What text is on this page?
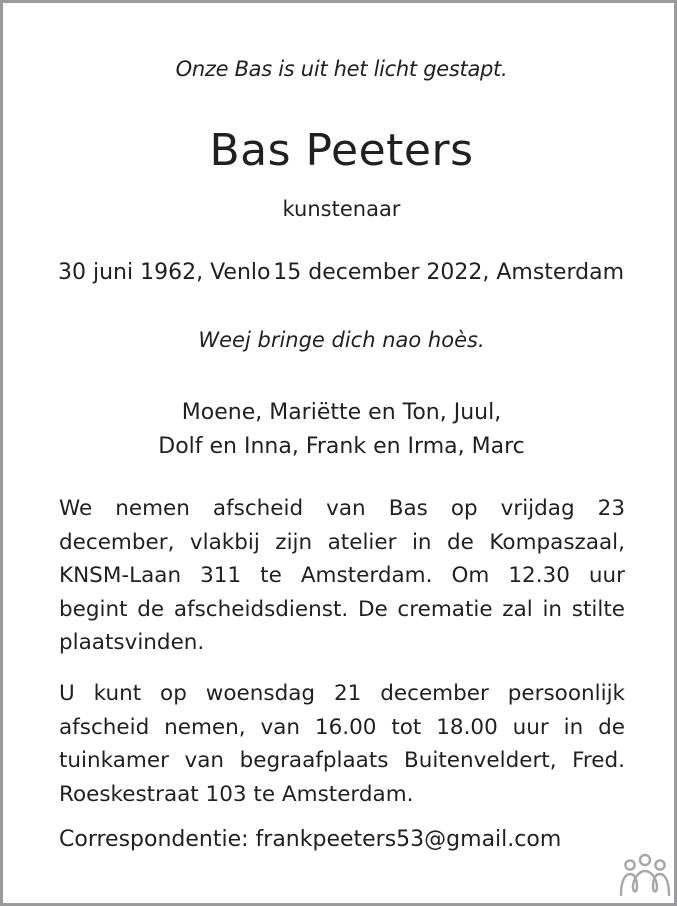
Onze Bas is uit het licht gestapt.
Bas Peeters
kunstenaar
30 juni 1962, Venlo 15 december 2022, Amsterdam
Weej bringe dich nao hoès.
Moene, Mariëtte en Ton, Juul,
Dolf en Inna, Frank en Irma, Marc
We nemen afscheid van Bas op vrijdag 23 december, vlakbij zijn atelier in de Kompaszaal, KNSM-Laan 311 te Amsterdam. Om 12.30 uur begint de afscheidsdienst. De crematie zal in stilte plaatsvinden.
U kunt op woensdag 21 december persoonlijk afscheid nemen, van 16.00 tot 18.00 uur in de tuinkamer van begraafplaats Buitenveldert, Fred. Roeskestraat 103 te Amsterdam.
Correspondentie: frankpeeters53@gmail.com
